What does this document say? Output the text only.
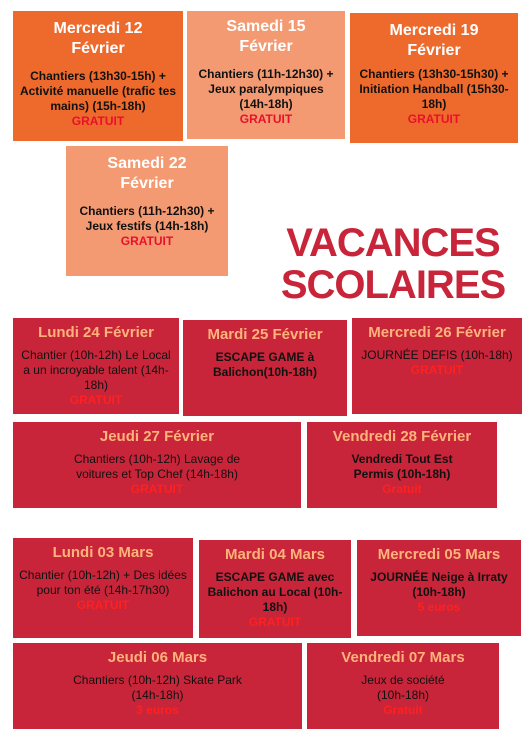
Mercredi 12
Février
Chantiers (13h30-15h) + Activité manuelle (trafic tes mains) (15h-18h)
GRATUIT
Samedi 15
Février
Chantiers (11h-12h30) + Jeux paralympiques (14h-18h)
GRATUIT
Mercredi 19
Février
Chantiers (13h30-15h30) + Initiation Handball (15h30-18h)
GRATUIT
Samedi 22
Février
Chantiers (11h-12h30) + Jeux festifs (14h-18h)
GRATUIT	VACANCES
SCOLAIRES
Lundi 24 Février
Chantier (10h-12h) Le Local a un incroyable talent (14h-18h)
GRATUIT
Mardi 25 Février
ESCAPE GAME à Balichon(10h-18h)
Mercredi 26 Février
JOURNÉE DEFIS (10h-18h)
GRATUIT
Jeudi 27 Février
Chantiers (10h-12h) Lavage de voitures et Top Chef (14h-18h)
GRATUIT
Vendredi 28 Février
Vendredi Tout Est Permis (10h-18h)
Gratuit
Lundi 03 Mars
Chantier (10h-12h) + Des idées pour ton été (14h-17h30)
GRATUIT
Mardi 04 Mars
ESCAPE GAME avec Balichon au Local (10h-18h)
GRATUIT
Mercredi 05 Mars
JOURNÉE Neige à Irraty (10h-18h)
5 euros
Jeudi 06 Mars
Chantiers (10h-12h) Skate Park (14h-18h)
3 euros
Vendredi 07 Mars
Jeux de société (10h-18h)
Gratuit
